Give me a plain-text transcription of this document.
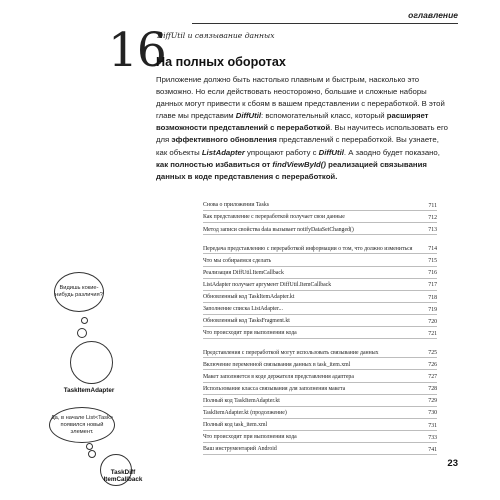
оглавление
16
DiffUtil и связывание данных
На полных оборотах

Приложение должно быть настолько плавным и быстрым, насколько это возможно. Но если действовать неосторожно, большие и сложные наборы данных могут привести к сбоям в вашем представлении с переработкой. В этой главе мы представим DiffUtil: вспомогательный класс, который расширяет возможности представлений с переработкой. Вы научитесь использовать его для эффективного обновления представлений с переработкой. Вы узнаете, как объекты ListAdapter упрощают работу с DiffUtil. А заодно будет показано, как полностью избавиться от findViewById() реализацией связывания данных в коде представления с переработкой.

Видишь кокие-нибудь различия?
TaskItemAdapter
Да, в начале List<Task> появился новый элемент.
TaskDiff
ItemCallback
Снова о приложении Tasks	711
Как представление с переработкой получает свои данные	712
Метод записи свойства data вызывает notifyDataSetChanged()	713
Передача представлению с переработкой информации о том, что должно измениться	714
Что мы собираемся сделать	715
Реализация DiffUtil.ItemCallback	716
ListAdapter получает аргумент DiffUtil.ItemCallback	717
Обновленный код TaskItemAdapter.kt	718
Заполнение списка ListAdapter...	719
Обновленный код TasksFragment.kt	720
Что происходит при выполнении кода	721
Представления с переработкой могут использовать связывание данных	725
Включение переменной связывания данных в task_item.xml	726
Макет заполняется в коде держателя представления адаптера	727
Использование класса связывания для заполнения макета	728
Полный код TaskItemAdapter.kt	729
TaskItemAdapter.kt (продолжение)	730
Полный код task_item.xml	731
Что происходит при выполнении кода	733
Ваш инструментарий Android	741
23
